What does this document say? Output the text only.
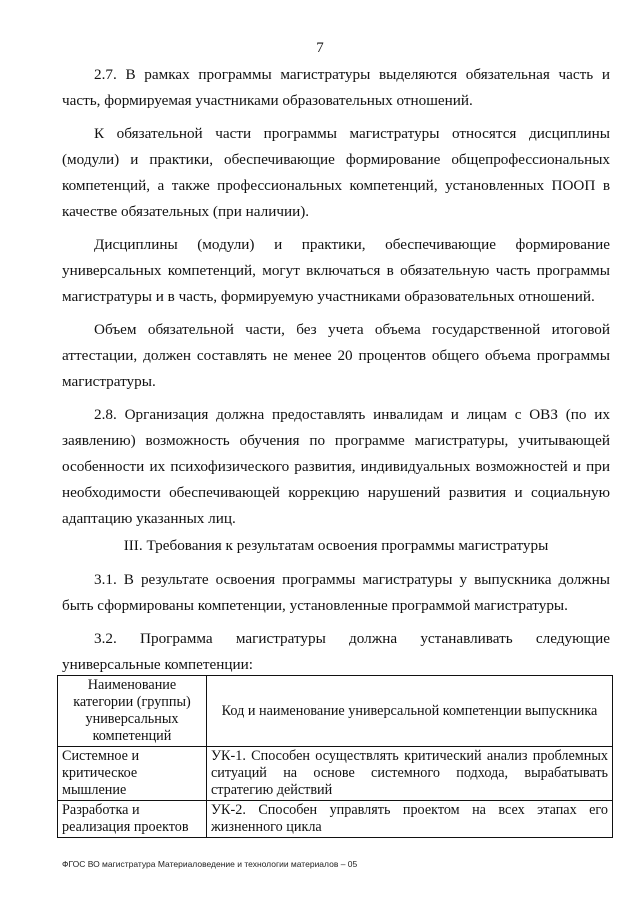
7

2.7. В рамках программы магистратуры выделяются обязательная часть и часть, формируемая участниками образовательных отношений.

К обязательной части программы магистратуры относятся дисциплины (модули) и практики, обеспечивающие формирование общепрофессиональных компетенций, а также профессиональных компетенций, установленных ПООП в качестве обязательных (при наличии).

Дисциплины (модули) и практики, обеспечивающие формирование универсальных компетенций, могут включаться в обязательную часть программы магистратуры и в часть, формируемую участниками образовательных отношений.

Объем обязательной части, без учета объема государственной итоговой аттестации, должен составлять не менее 20 процентов общего объема программы магистратуры.

2.8. Организация должна предоставлять инвалидам и лицам с ОВЗ (по их заявлению) возможность обучения по программе магистратуры, учитывающей особенности их психофизического развития, индивидуальных возможностей и при необходимости обеспечивающей коррекцию нарушений развития и социальную адаптацию указанных лиц.

III. Требования к результатам освоения программы магистратуры

3.1. В результате освоения программы магистратуры у выпускника должны быть сформированы компетенции, установленные программой магистратуры.

3.2. Программа магистратуры должна устанавливать следующие универсальные компетенции:

Наименование категории (группы) универсальных компетенций	Код и наименование универсальной компетенции выпускника
Системное и критическое мышление	УК-1. Способен осуществлять критический анализ проблемных ситуаций на основе системного подхода, вырабатывать стратегию действий
Разработка и реализация проектов	УК-2. Способен управлять проектом на всех этапах его жизненного цикла
ФГОС ВО магистратура Материаловедение и технологии материалов – 05
